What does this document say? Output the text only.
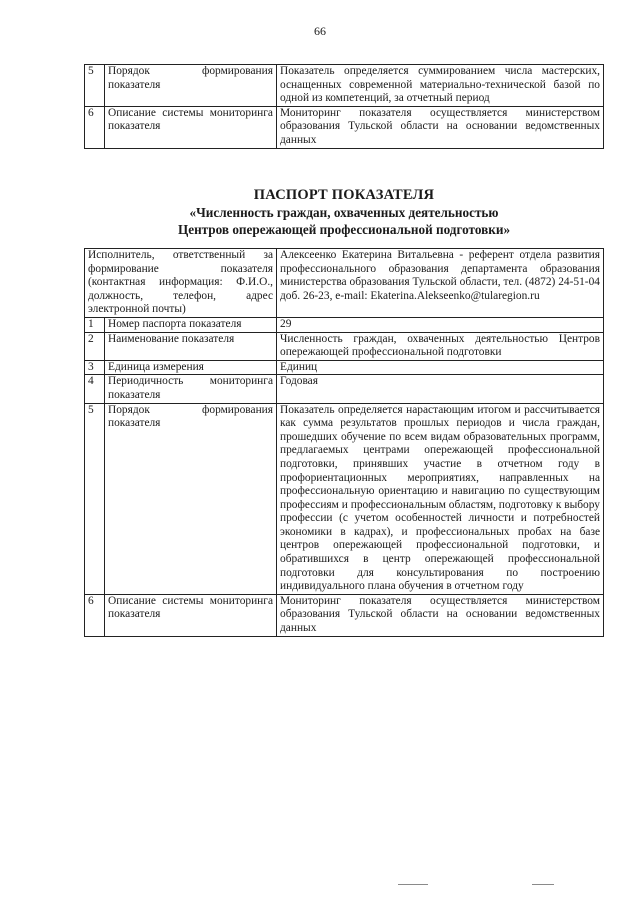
66
5	Порядок формирования показателя	Показатель определяется суммированием числа мастерских, оснащенных современной материально-технической базой по одной из компетенций, за отчетный период
6	Описание системы мониторинга показателя	Мониторинг показателя осуществляется министерством образования Тульской области на основании ведомственных данных
ПАСПОРТ ПОКАЗАТЕЛЯ
«Численность граждан, охваченных деятельностью
Центров опережающей профессиональной подготовки»
Исполнитель, ответственный за формирование показателя (контактная информация: Ф.И.О., должность, телефон, адрес электронной почты)		Алексеенко Екатерина Витальевна - референт отдела развития профессионального образования департамента образования министерства образования Тульской области, тел. (4872) 24-51-04 доб. 26-23, e-mail: Ekaterina.Alekseenko@tularegion.ru
1	Номер паспорта показателя	29
2	Наименование показателя	Численность граждан, охваченных деятельностью Центров опережающей профессиональной подготовки
3	Единица измерения	Единиц
4	Периодичность мониторинга показателя	Годовая
5	Порядок формирования показателя	Показатель определяется нарастающим итогом и рассчитывается как сумма результатов прошлых периодов и числа граждан, прошедших обучение по всем видам образовательных программ, предлагаемых центрами опережающей профессиональной подготовки, принявших участие в отчетном году в профориентационных мероприятиях, направленных на профессиональную ориентацию и навигацию по существующим профессиям и профессиональным областям, подготовку к выбору профессии (с учетом особенностей личности и потребностей экономики в кадрах), и профессиональных пробах на базе центров опережающей профессиональной подготовки, и обратившихся в центр опережающей профессиональной подготовки для консультирования по построению индивидуального плана обучения в отчетном году
6	Описание системы мониторинга показателя	Мониторинг показателя осуществляется министерством образования Тульской области на основании ведомственных данных
